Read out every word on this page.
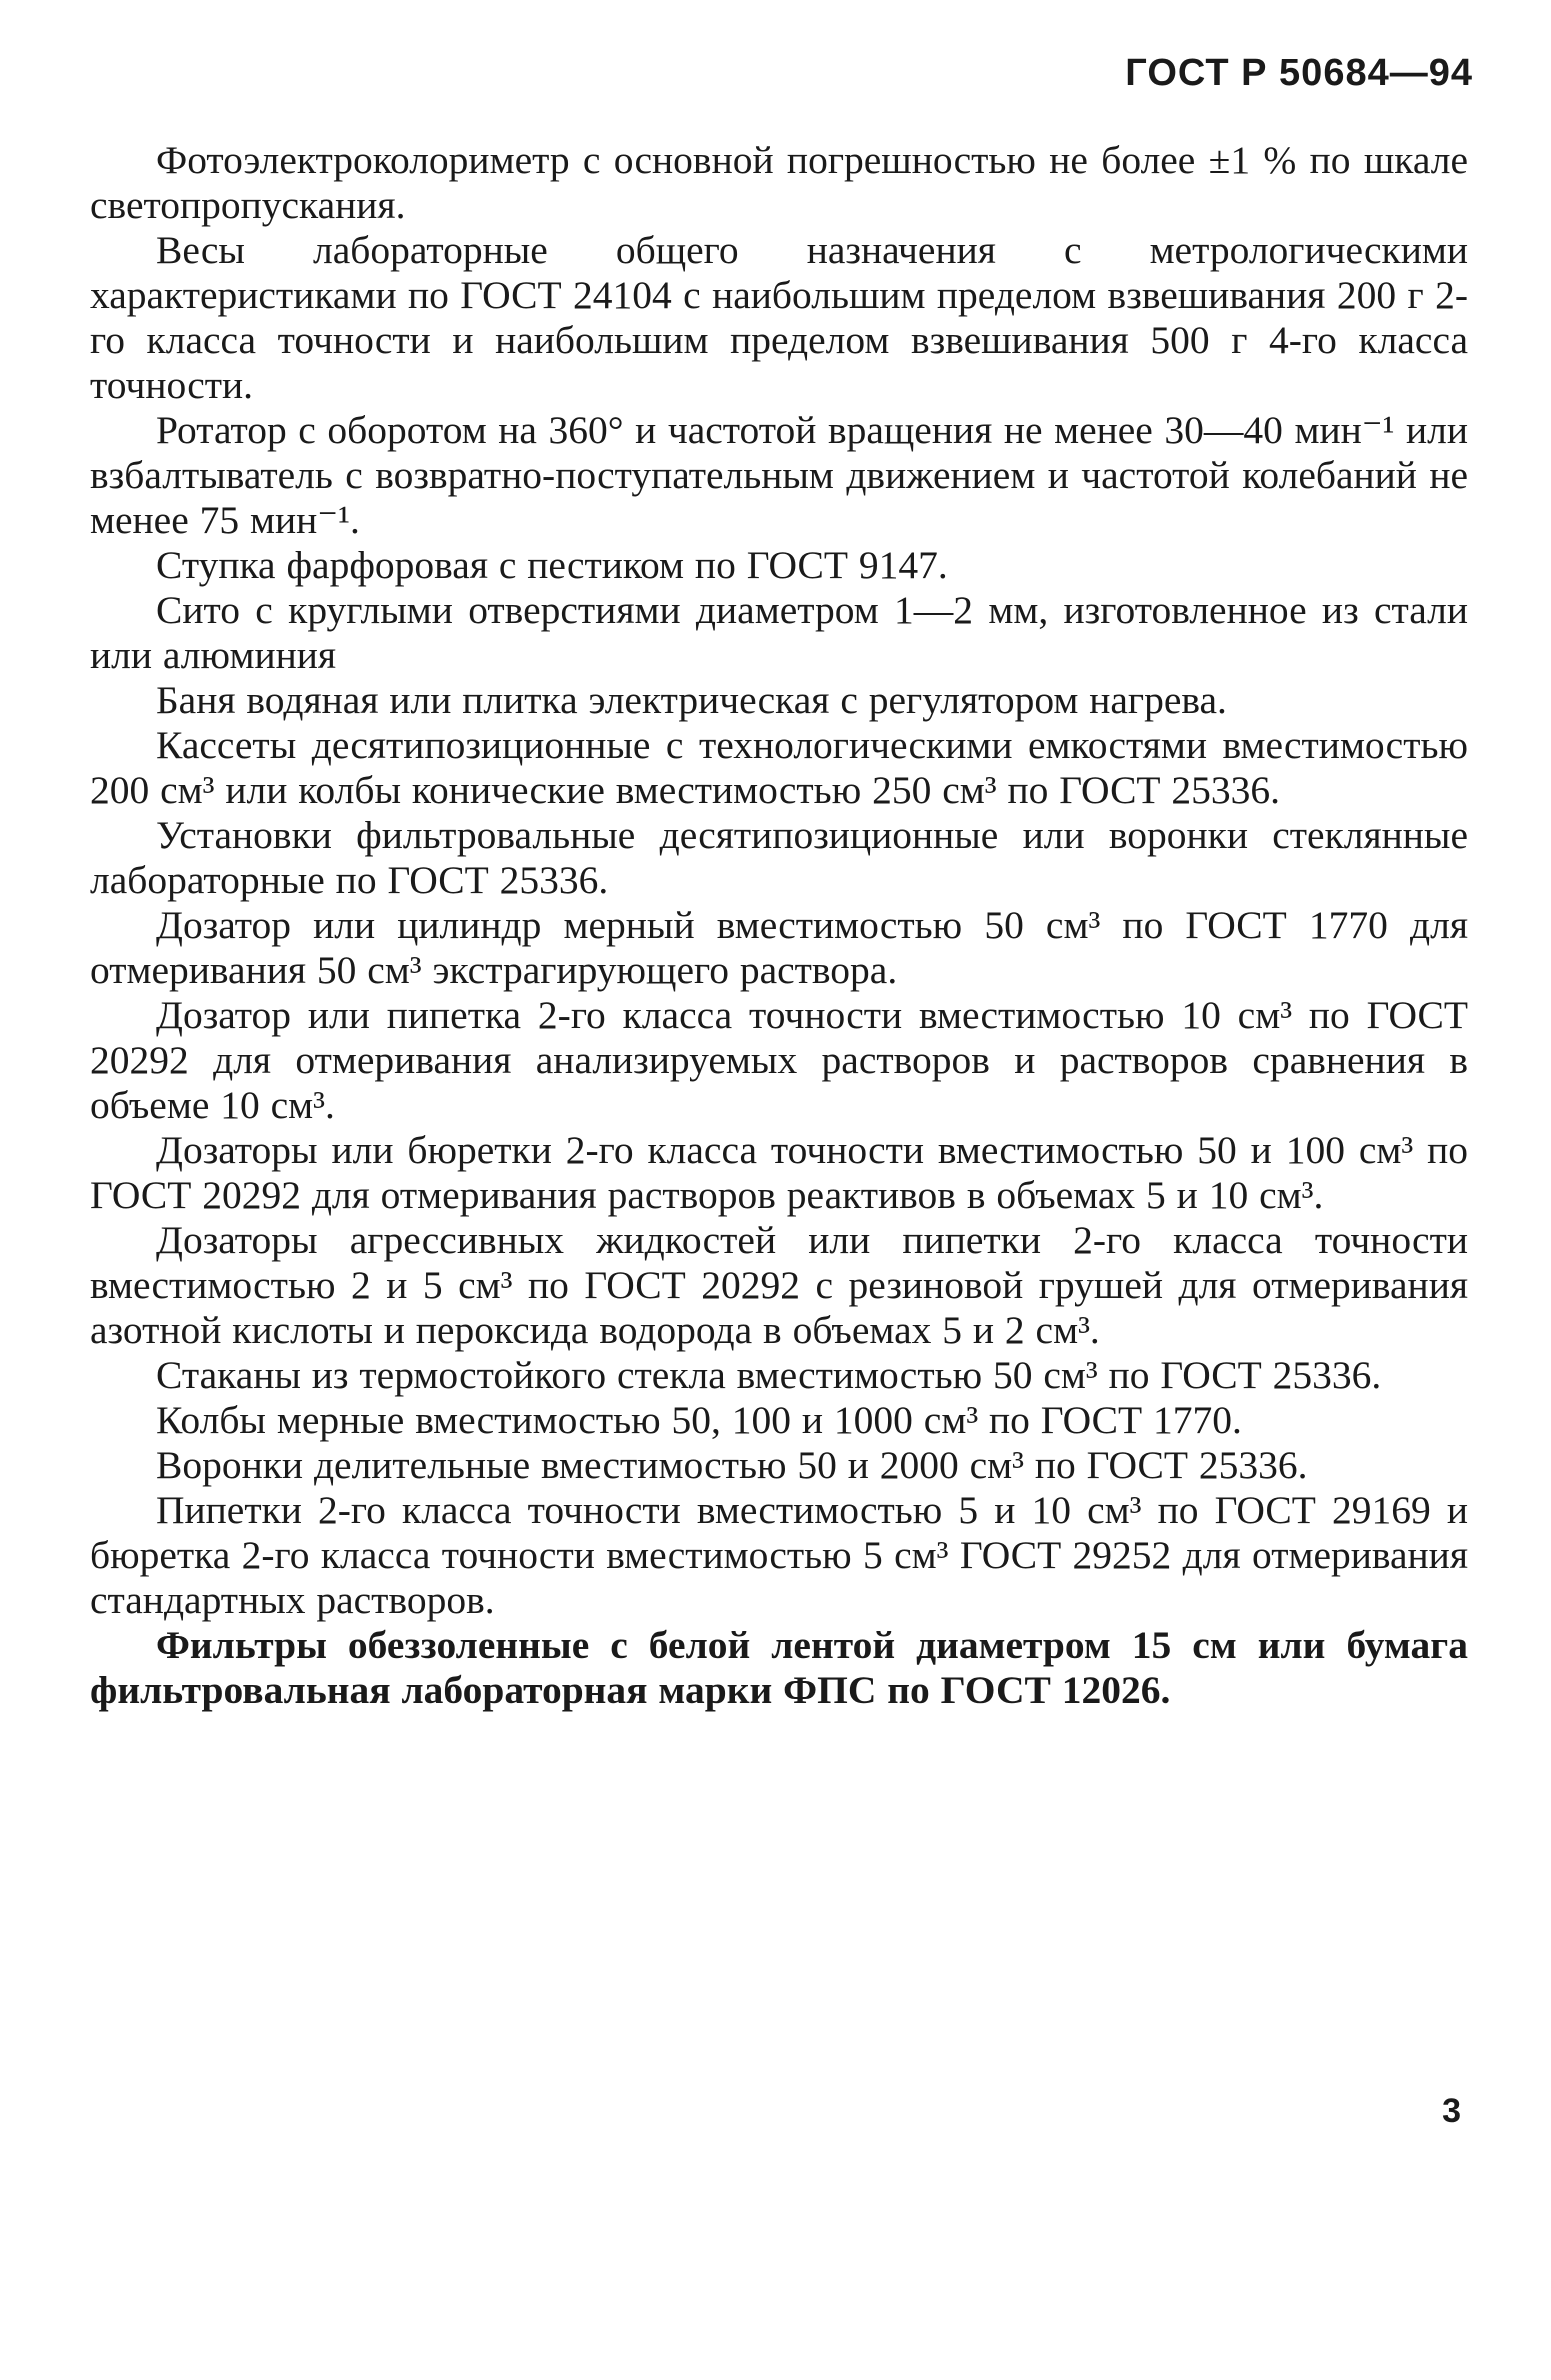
ГОСТ Р 50684—94

Фотоэлектроколориметр с основной погрешностью не более ±1 % по шкале светопропускания.

Весы лабораторные общего назначения с метрологическими характеристиками по ГОСТ 24104 с наибольшим пределом взвешивания 200 г 2-го класса точности и наибольшим пределом взвешивания 500 г 4-го класса точности.

Ротатор с оборотом на 360° и частотой вращения не менее 30—40 мин⁻¹ или взбалтыватель с возвратно-поступательным движением и частотой колебаний не менее 75 мин⁻¹.

Ступка фарфоровая с пестиком по ГОСТ 9147.

Сито с круглыми отверстиями диаметром 1—2 мм, изготовленное из стали или алюминия

Баня водяная или плитка электрическая с регулятором нагрева.

Кассеты десятипозиционные с технологическими емкостями вместимостью 200 см³ или колбы конические вместимостью 250 см³ по ГОСТ 25336.

Установки фильтровальные десятипозиционные или воронки стеклянные лабораторные по ГОСТ 25336.

Дозатор или цилиндр мерный вместимостью 50 см³ по ГОСТ 1770 для отмеривания 50 см³ экстрагирующего раствора.

Дозатор или пипетка 2-го класса точности вместимостью 10 см³ по ГОСТ 20292 для отмеривания анализируемых растворов и растворов сравнения в объеме 10 см³.

Дозаторы или бюретки 2-го класса точности вместимостью 50 и 100 см³ по ГОСТ 20292 для отмеривания растворов реактивов в объемах 5 и 10 см³.

Дозаторы агрессивных жидкостей или пипетки 2-го класса точности вместимостью 2 и 5 см³ по ГОСТ 20292 с резиновой грушей для отмеривания азотной кислоты и пероксида водорода в объемах 5 и 2 см³.

Стаканы из термостойкого стекла вместимостью 50 см³ по ГОСТ 25336.

Колбы мерные вместимостью 50, 100 и 1000 см³ по ГОСТ 1770.

Воронки делительные вместимостью 50 и 2000 см³ по ГОСТ 25336.

Пипетки 2-го класса точности вместимостью 5 и 10 см³ по ГОСТ 29169 и бюретка 2-го класса точности вместимостью 5 см³ ГОСТ 29252 для отмеривания стандартных растворов.

Фильтры обеззоленные с белой лентой диаметром 15 см или бумага фильтровальная лабораторная марки ФПС по ГОСТ 12026.

3
